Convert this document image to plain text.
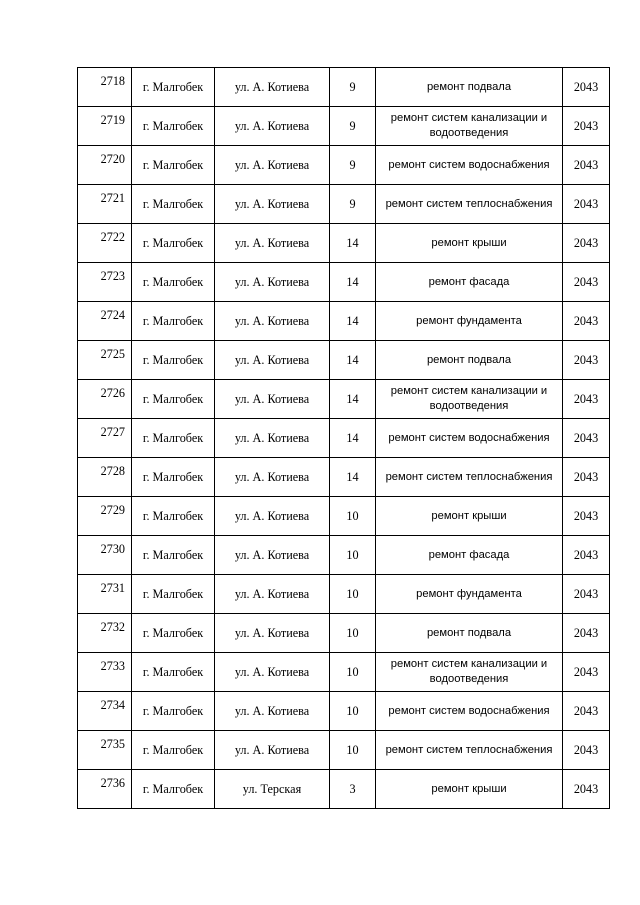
2718	г. Малгобек	ул. А. Котиева	9	ремонт подвала	2043
2719	г. Малгобек	ул. А. Котиева	9	ремонт систем канализации и водоотведения	2043
2720	г. Малгобек	ул. А. Котиева	9	ремонт систем водоснабжения	2043
2721	г. Малгобек	ул. А. Котиева	9	ремонт систем теплоснабжения	2043
2722	г. Малгобек	ул. А. Котиева	14	ремонт крыши	2043
2723	г. Малгобек	ул. А. Котиева	14	ремонт фасада	2043
2724	г. Малгобек	ул. А. Котиева	14	ремонт фундамента	2043
2725	г. Малгобек	ул. А. Котиева	14	ремонт подвала	2043
2726	г. Малгобек	ул. А. Котиева	14	ремонт систем канализации и водоотведения	2043
2727	г. Малгобек	ул. А. Котиева	14	ремонт систем водоснабжения	2043
2728	г. Малгобек	ул. А. Котиева	14	ремонт систем теплоснабжения	2043
2729	г. Малгобек	ул. А. Котиева	10	ремонт крыши	2043
2730	г. Малгобек	ул. А. Котиева	10	ремонт фасада	2043
2731	г. Малгобек	ул. А. Котиева	10	ремонт фундамента	2043
2732	г. Малгобек	ул. А. Котиева	10	ремонт подвала	2043
2733	г. Малгобек	ул. А. Котиева	10	ремонт систем канализации и водоотведения	2043
2734	г. Малгобек	ул. А. Котиева	10	ремонт систем водоснабжения	2043
2735	г. Малгобек	ул. А. Котиева	10	ремонт систем теплоснабжения	2043
2736	г. Малгобек	ул. Терская	3	ремонт крыши	2043
